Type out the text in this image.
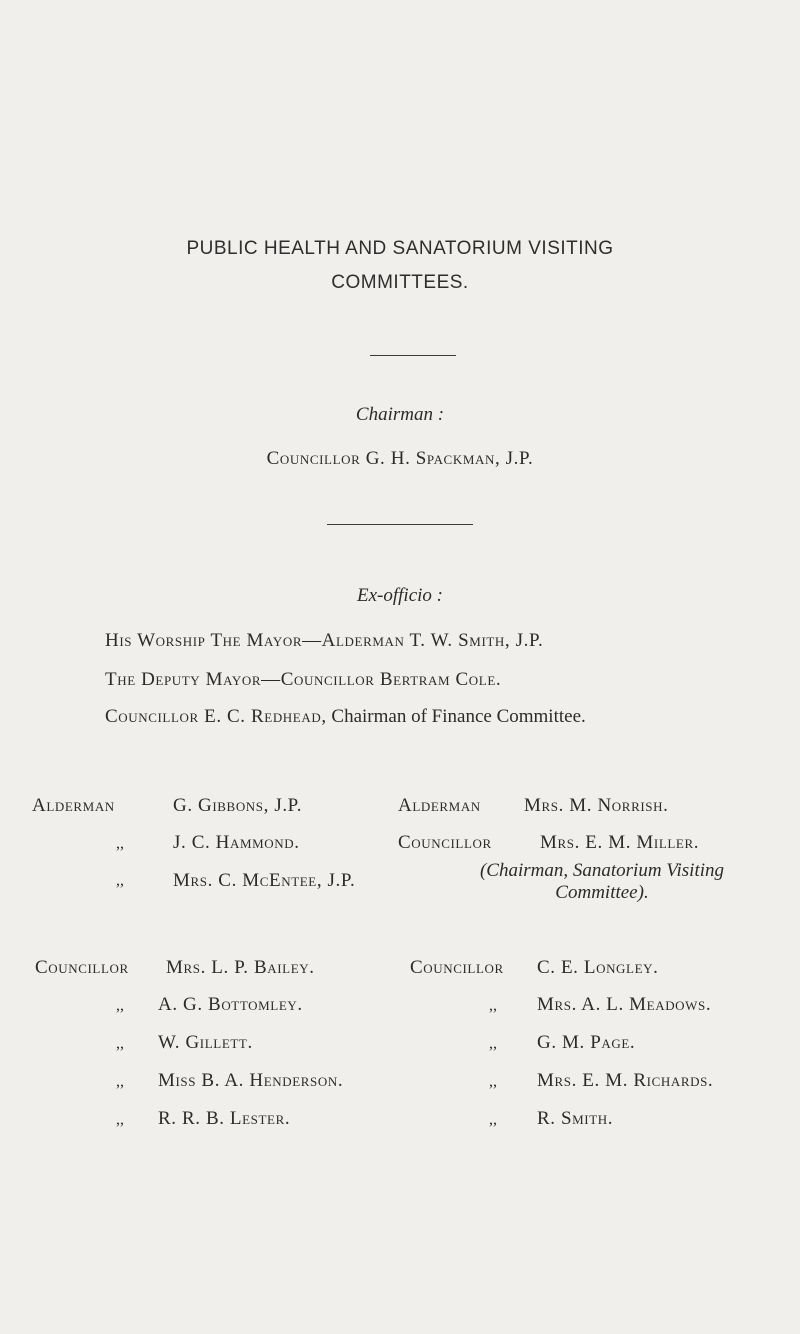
PUBLIC HEALTH AND SANATORIUM VISITING
COMMITTEES.
Chairman :
Councillor G. H. Spackman, J.P.
Ex-officio :
His Worship The Mayor—Alderman T. W. Smith, J.P.
The Deputy Mayor—Councillor Bertram Cole.
Councillor E. C. Redhead, Chairman of Finance Committee.
Alderman	G. Gibbons, J.P.
,,	J. C. Hammond.
,,	Mrs. C. McEntee, J.P.
Alderman Mrs. M. Norrish.
Councillor	Mrs. E. M. Miller.
(Chairman, Sanatorium Visiting
Committee).
Councillor Mrs. L. P. Bailey.
,, A. G. Bottomley.
,, W. Gillett.
,, Miss B. A. Henderson.
,, R. R. B. Lester.
Councillor C. E. Longley.
,, Mrs. A. L. Meadows.
,, G. M. Page.
,, Mrs. E. M. Richards.
,, R. Smith.
